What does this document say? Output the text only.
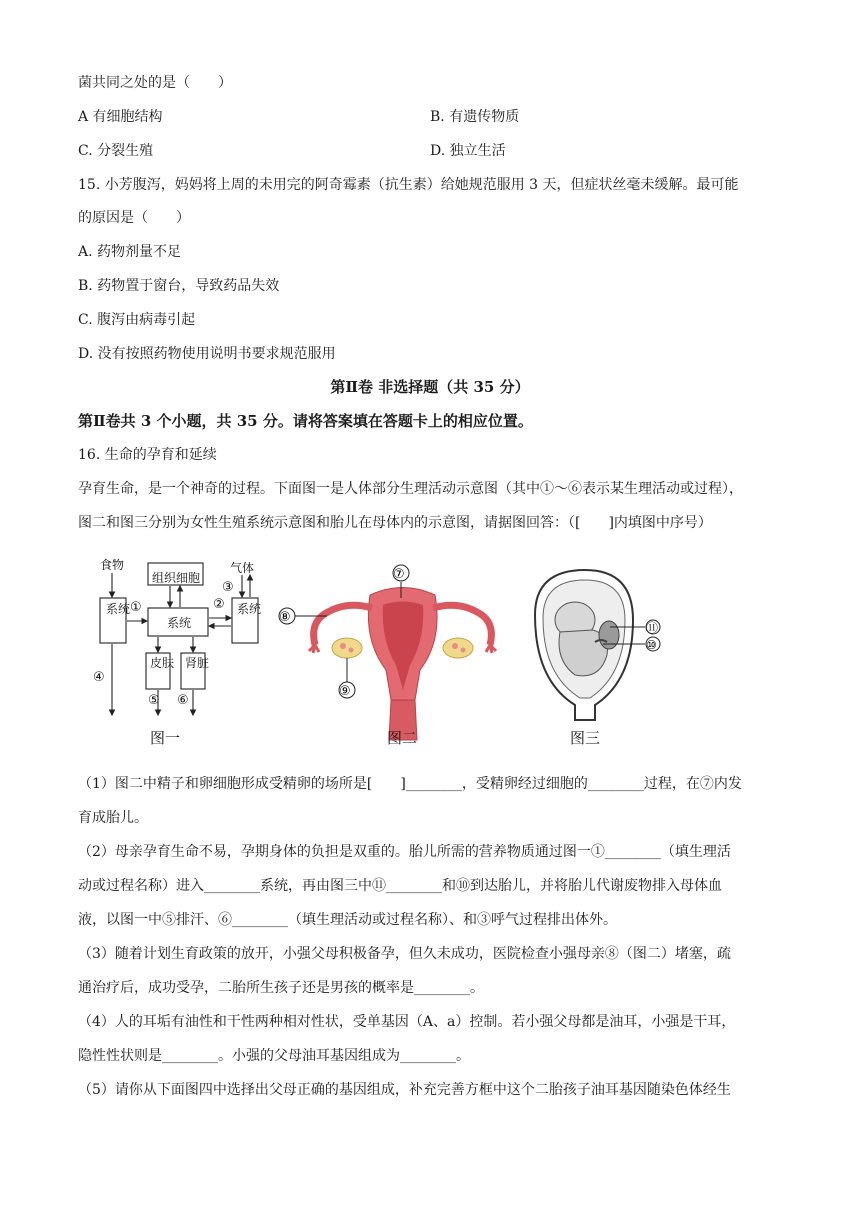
菌共同之处的是（　　）
A 有细胞结构	B. 有遗传物质
C. 分裂生殖	D. 独立生活
15. 小芳腹泻，妈妈将上周的未用完的阿奇霉素（抗生素）给她规范服用 3 天，但症状丝毫未缓解。最可能
的原因是（　　）
A. 药物剂量不足
B. 药物置于窗台，导致药品失效
C. 腹泻由病毒引起
D. 没有按照药物使用说明书要求规范服用
第Ⅱ卷 非选择题（共 35 分）
第Ⅱ卷共 3 个小题，共 35 分。请将答案填在答题卡上的相应位置。
16. 生命的孕育和延续
孕育生命，是一个神奇的过程。下面图一是人体部分生理活动示意图（其中①～⑥表示某生理活动或过程），
图二和图三分别为女性生殖系统示意图和胎儿在母体内的示意图，请据图回答：（[　　]内填图中序号）
食物	气体
组织细胞
系统
系统
系统
皮肤 肾脏
①	②
③
④
⑤ ⑥
图一
⑦
⑧
⑨
图二
⑪
⑩
图三
（1）图二中精子和卵细胞形成受精卵的场所是[　　]________，受精卵经过细胞的________过程，在⑦内发
育成胎儿。
（2）母亲孕育生命不易，孕期身体的负担是双重的。胎儿所需的营养物质通过图一①________（填生理活
动或过程名称）进入________系统，再由图三中⑪________和⑩到达胎儿，并将胎儿代谢废物排入母体血
液，以图一中⑤排汗、⑥________（填生理活动或过程名称）、和③呼气过程排出体外。
（3）随着计划生育政策的放开，小强父母积极备孕，但久未成功，医院检查小强母亲⑧（图二）堵塞，疏
通治疗后，成功受孕，二胎所生孩子还是男孩的概率是________。
（4）人的耳垢有油性和干性两种相对性状，受单基因（A、a）控制。若小强父母都是油耳，小强是干耳，
隐性性状则是________。小强的父母油耳基因组成为________。
（5）请你从下面图四中选择出父母正确的基因组成，补充完善方框中这个二胎孩子油耳基因随染色体经生
